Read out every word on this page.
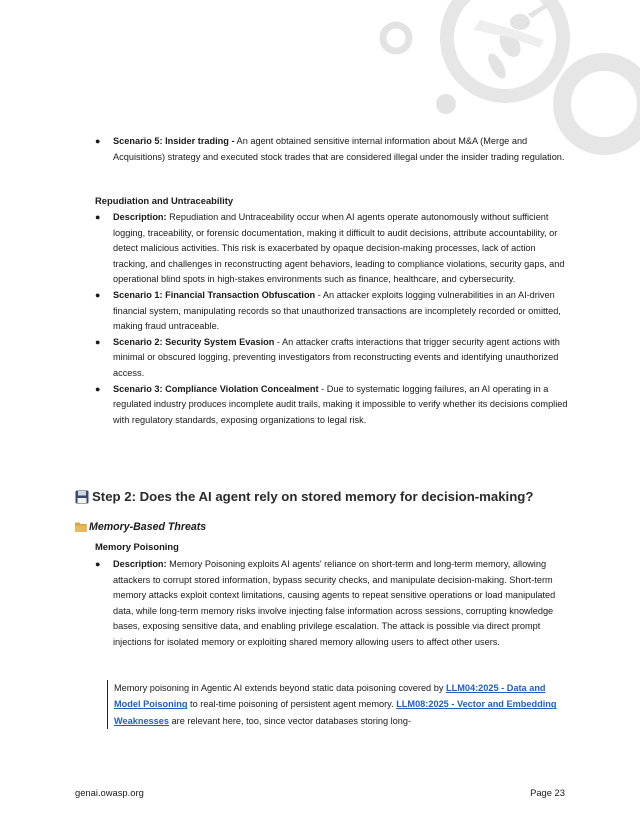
● Scenario 5: Insider trading - An agent obtained sensitive internal information about M&A (Merge and Acquisitions) strategy and executed stock trades that are considered illegal under the insider trading regulation.
Repudiation and Untraceability
● Description: Repudiation and Untraceability occur when AI agents operate autonomously without sufficient logging, traceability, or forensic documentation, making it difficult to audit decisions, attribute accountability, or detect malicious activities. This risk is exacerbated by opaque decision-making processes, lack of action tracking, and challenges in reconstructing agent behaviors, leading to compliance violations, security gaps, and operational blind spots in high-stakes environments such as finance, healthcare, and cybersecurity.
● Scenario 1: Financial Transaction Obfuscation - An attacker exploits logging vulnerabilities in an AI-driven financial system, manipulating records so that unauthorized transactions are incompletely recorded or omitted, making fraud untraceable.
● Scenario 2: Security System Evasion - An attacker crafts interactions that trigger security agent actions with minimal or obscured logging, preventing investigators from reconstructing events and identifying unauthorized access.
● Scenario 3: Compliance Violation Concealment - Due to systematic logging failures, an AI operating in a regulated industry produces incomplete audit trails, making it impossible to verify whether its decisions complied with regulatory standards, exposing organizations to legal risk.
Step 2: Does the AI agent rely on stored memory for decision-making?
Memory-Based Threats
Memory Poisoning
● Description: Memory Poisoning exploits AI agents' reliance on short-term and long-term memory, allowing attackers to corrupt stored information, bypass security checks, and manipulate decision-making. Short-term memory attacks exploit context limitations, causing agents to repeat sensitive operations or load manipulated data, while long-term memory risks involve injecting false information across sessions, corrupting knowledge bases, exposing sensitive data, and enabling privilege escalation. The attack is possible via direct prompt injections for isolated memory or exploiting shared memory allowing users to affect other users.
Memory poisoning in Agentic AI extends beyond static data poisoning covered by LLM04:2025 - Data and Model Poisoning to real-time poisoning of persistent agent memory. LLM08:2025 - Vector and Embedding Weaknesses are relevant here, too, since vector databases storing long-
genai.owasp.org	Page 23
